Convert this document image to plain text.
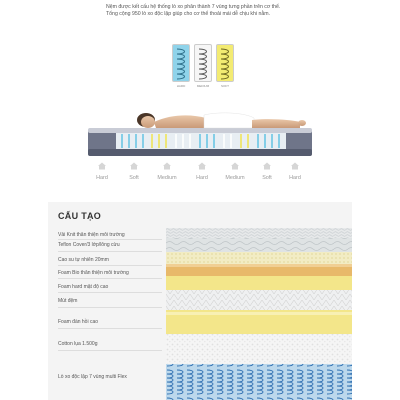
Nệm được kết cấu hệ thống lò xo phân thành 7 vùng tưng phần trên cơ thể.

Tổng cộng 950 lò xo độc lập giúp cho cơ thể thoải mái dễ chịu khi nằm.

HARD	MEDIUM	SOFT
Hard	Soft	Medium	Hard	Medium	Soft	Hard
CẤU TẠO
Vải Knit thân thiện môi trường
Teflon Cover/3 lớp/lông cừu
Cao su tự nhiên 20mm
Foam Bio thân thiện môi trường
Foam hard mật độ cao
Mút đệm
Foam đàn hồi cao
Cotton lụa 1.500g
Lò xo độc lập 7 vùng multi Flex
